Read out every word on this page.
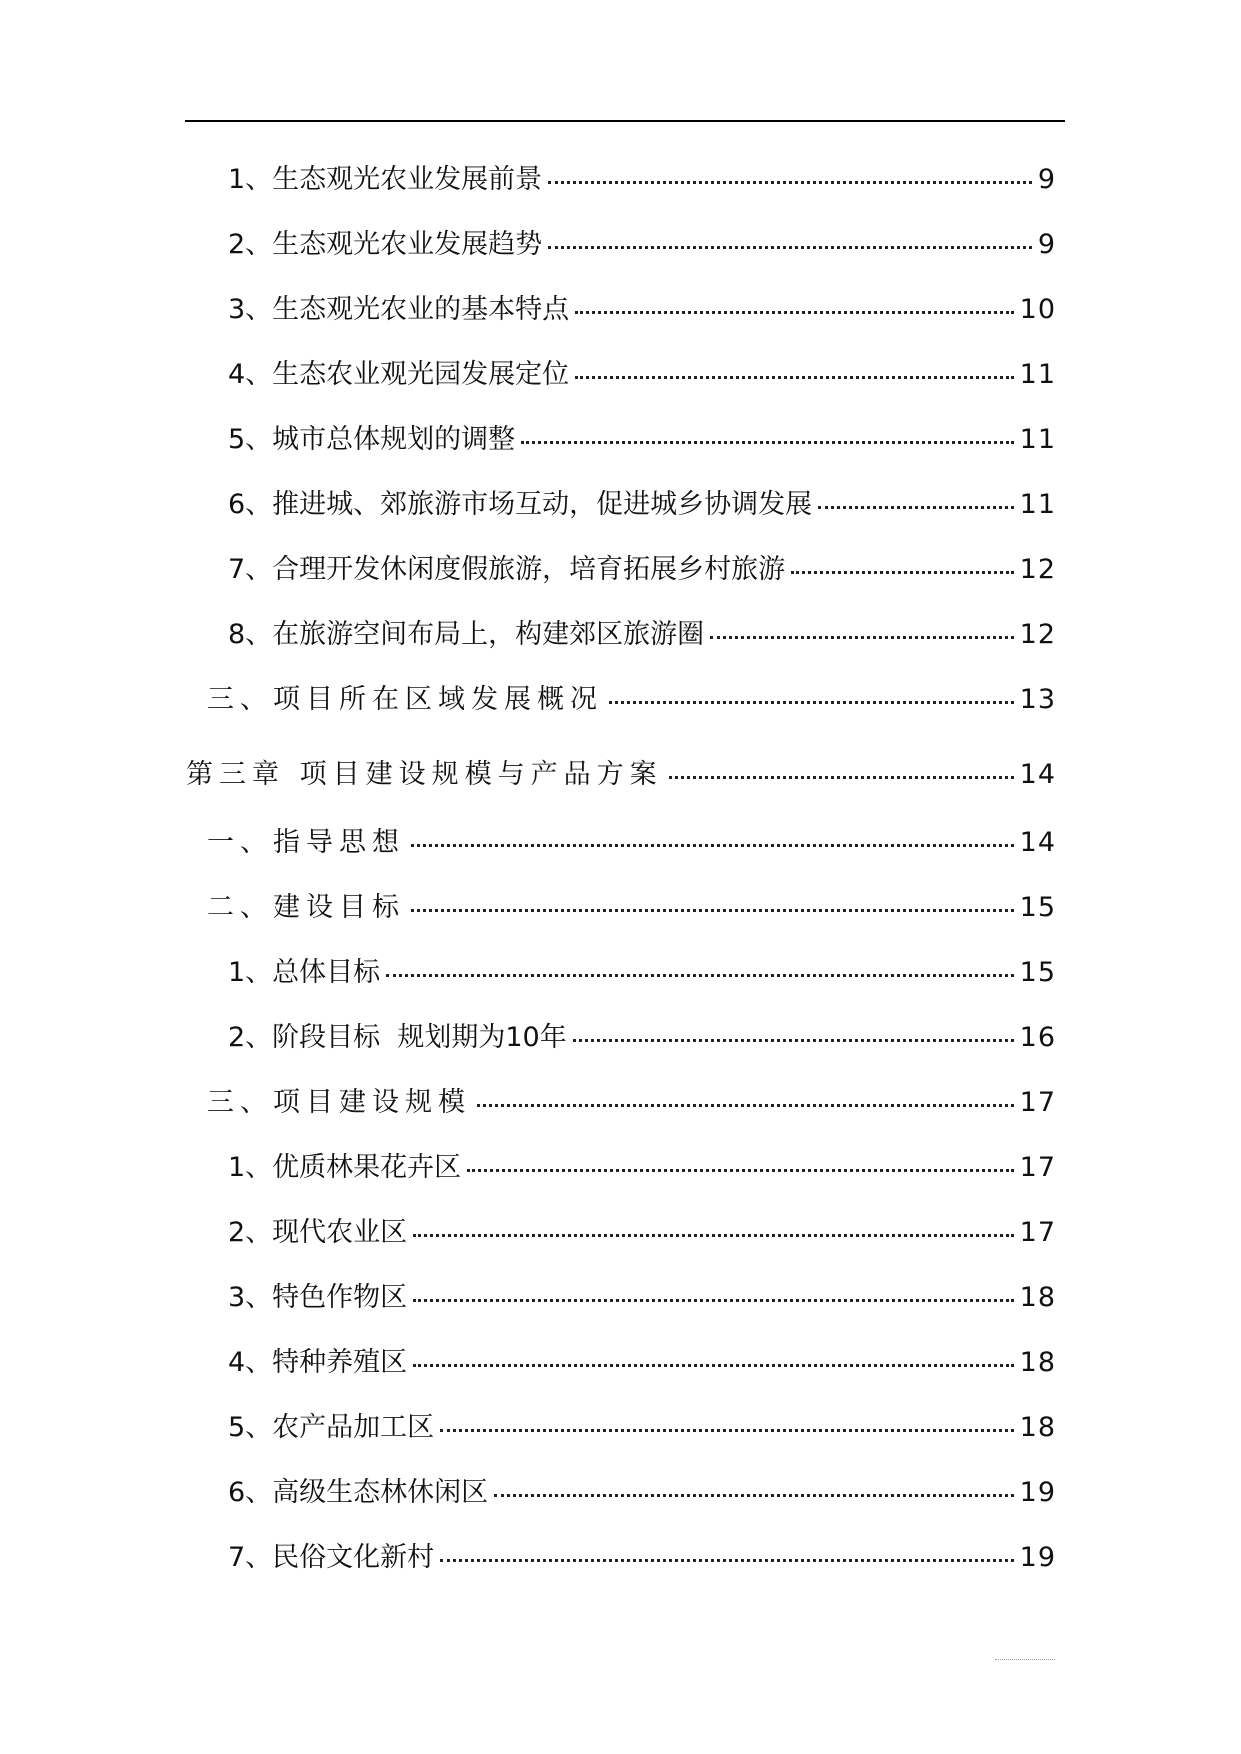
1、生态观光农业发展前景	9
2、生态观光农业发展趋势	9
3、生态观光农业的基本特点	10
4、生态农业观光园发展定位	11
5、城市总体规划的调整	11
6、推进城、郊旅游市场互动，促进城乡协调发展	11
7、合理开发休闲度假旅游，培育拓展乡村旅游	12
8、在旅游空间布局上，构建郊区旅游圈	12
三、项目所在区域发展概况	13
第三章 项目建设规模与产品方案	14
一、指导思想	14
二、建设目标	15
1、总体目标	15
2、阶段目标  规划期为10年	16
三、项目建设规模	17
1、优质林果花卉区	17
2、现代农业区	17
3、特色作物区	18
4、特种养殖区	18
5、农产品加工区	18
6、高级生态林休闲区	19
7、民俗文化新村	19
